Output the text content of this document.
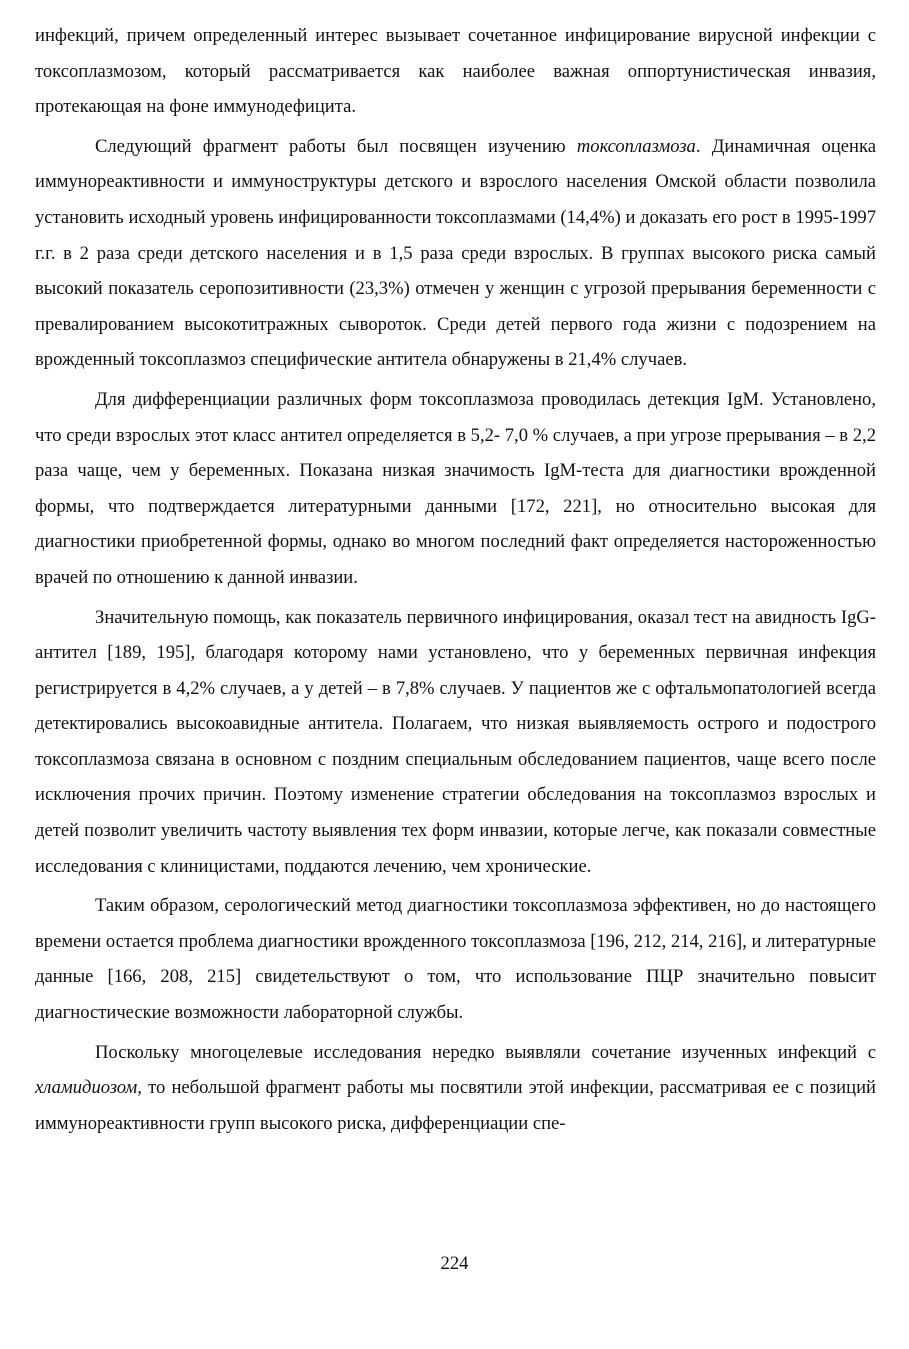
инфекций, причем определенный интерес вызывает сочетанное инфицирование вирусной инфекции с токсоплазмозом, который рассматривается как наиболее важная оппортунистическая инвазия, протекающая на фоне иммунодефицита.

Следующий фрагмент работы был посвящен изучению токсоплазмоза. Динамичная оценка иммунореактивности и иммуноструктуры детского и взрослого населения Омской области позволила установить исходный уровень инфицированности токсоплазмами (14,4%) и доказать его рост в 1995-1997 г.г. в 2 раза среди детского населения и в 1,5 раза среди взрослых. В группах высокого риска самый высокий показатель серопозитивности (23,3%) отмечен у женщин с угрозой прерывания беременности с превалированием высокотитражных сывороток. Среди детей первого года жизни с подозрением на врожденный токсоплазмоз специфические антитела обнаружены в 21,4% случаев.

Для дифференциации различных форм токсоплазмоза проводилась детекция IgM. Установлено, что среди взрослых этот класс антител определяется в 5,2- 7,0 % случаев, а при угрозе прерывания – в 2,2 раза чаще, чем у беременных. Показана низкая значимость IgM-теста для диагностики врожденной формы, что подтверждается литературными данными [172, 221], но относительно высокая для диагностики приобретенной формы, однако во многом последний факт определяется настороженностью врачей по отношению к данной инвазии.

Значительную помощь, как показатель первичного инфицирования, оказал тест на авидность IgG-антител [189, 195], благодаря которому нами установлено, что у беременных первичная инфекция регистрируется в 4,2% случаев, а у детей – в 7,8% случаев. У пациентов же с офтальмопатологией всегда детектировались высокоавидные антитела. Полагаем, что низкая выявляемость острого и подострого токсоплазмоза связана в основном с поздним специальным обследованием пациентов, чаще всего после исключения прочих причин. Поэтому изменение стратегии обследования на токсоплазмоз взрослых и детей позволит увеличить частоту выявления тех форм инвазии, которые легче, как показали совместные исследования с клиницистами, поддаются лечению, чем хронические.

Таким образом, серологический метод диагностики токсоплазмоза эффективен, но до настоящего времени остается проблема диагностики врожденного токсоплазмоза [196, 212, 214, 216], и литературные данные [166, 208, 215] свидетельствуют о том, что использование ПЦР значительно повысит диагностические возможности лабораторной службы.

Поскольку многоцелевые исследования нередко выявляли сочетание изученных инфекций с хламидиозом, то небольшой фрагмент работы мы посвятили этой инфекции, рассматривая ее с позиций иммунореактивности групп высокого риска, дифференциации спе-

224
